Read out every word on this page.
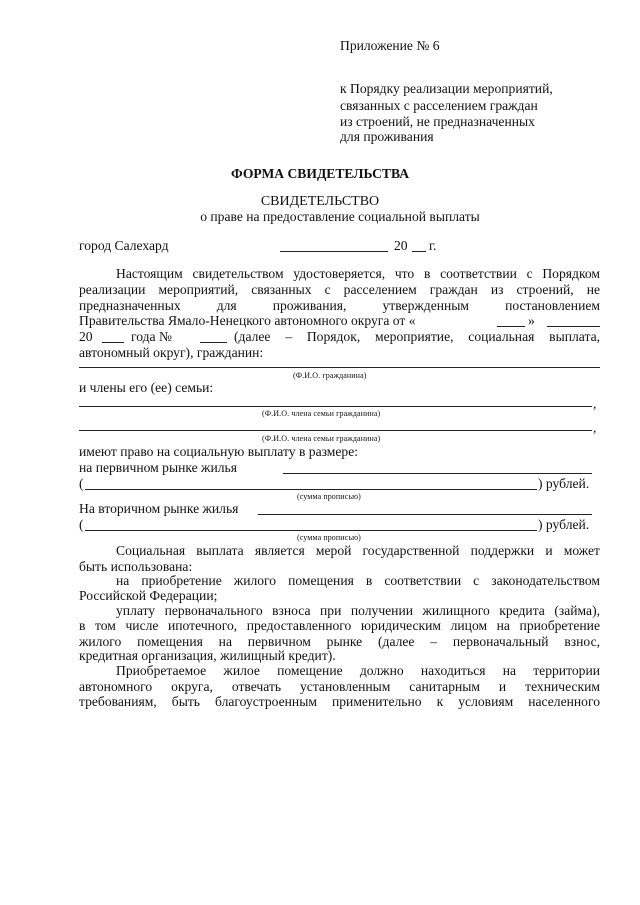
Приложение № 6
к Порядку реализации мероприятий,
связанных с расселением граждан
из строений, не предназначенных
для проживания
ФОРМА СВИДЕТЕЛЬСТВА
СВИДЕТЕЛЬСТВО
о праве на предоставление социальной выплаты
город Салехард	20 г.
Настоящим свидетельством удостоверяется, что в соответствии с Порядком
реализации мероприятий, связанных с расселением граждан из строений, не
предназначенных для проживания, утвержденным постановлением
Правительства Ямало-Ненецкого автономного округа от «	»
20	года №	(далее – Порядок, мероприятие, социальная выплата,
автономный округ), гражданин:
(Ф.И.О. гражданина)
и члены его (ее) семьи:
,
(Ф.И.О. члена семьи гражданина)
,
(Ф.И.О. члена семьи гражданина)
имеют право на социальную выплату в размере:
на первичном рынке жилья
(	) рублей.
(сумма прописью)
На вторичном рынке жилья
(	) рублей.
(сумма прописью)
Социальная выплата является мерой государственной поддержки и может
быть использована:
на приобретение жилого помещения в соответствии с законодательством
Российской Федерации;
уплату первоначального взноса при получении жилищного кредита (займа),
в том числе ипотечного, предоставленного юридическим лицом на приобретение
жилого помещения на первичном рынке (далее – первоначальный взнос,
кредитная организация, жилищный кредит).
Приобретаемое жилое помещение должно находиться на территории
автономного округа, отвечать установленным санитарным и техническим
требованиям, быть благоустроенным применительно к условиям населенного
